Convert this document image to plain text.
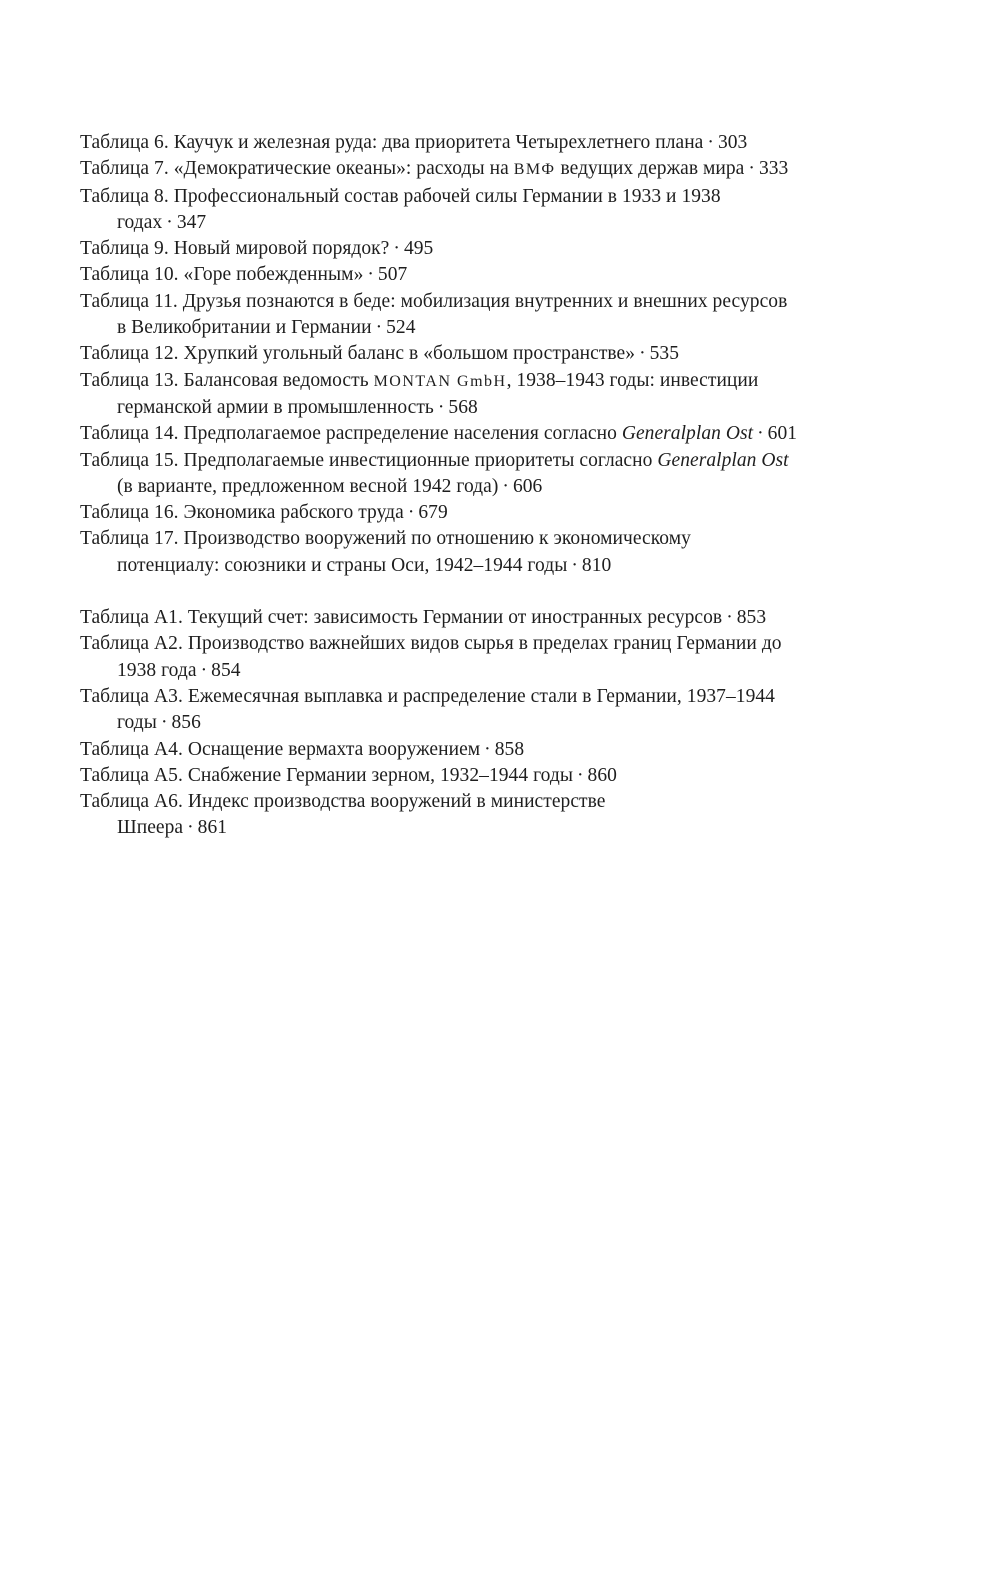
Таблица 6. Каучук и железная руда: два приоритета Четырехлетнего плана · 303
Таблица 7. «Демократические океаны»: расходы на ВМФ ведущих держав мира · 333
Таблица 8. Профессиональный состав рабочей силы Германии в 1933 и 1938 годах · 347
Таблица 9. Новый мировой порядок? · 495
Таблица 10. «Горе побежденным» · 507
Таблица 11. Друзья познаются в беде: мобилизация внутренних и внешних ресурсов в Великобритании и Германии · 524
Таблица 12. Хрупкий угольный баланс в «большом пространстве» · 535
Таблица 13. Балансовая ведомость MONTAN GmbH, 1938–1943 годы: инвестиции германской армии в промышленность · 568
Таблица 14. Предполагаемое распределение населения согласно Generalplan Ost · 601
Таблица 15. Предполагаемые инвестиционные приоритеты согласно Generalplan Ost (в варианте, предложенном весной 1942 года) · 606
Таблица 16. Экономика рабского труда · 679
Таблица 17. Производство вооружений по отношению к экономическому потенциалу: союзники и страны Оси, 1942–1944 годы · 810
Таблица А1. Текущий счет: зависимость Германии от иностранных ресурсов · 853
Таблица А2. Производство важнейших видов сырья в пределах границ Германии до 1938 года · 854
Таблица А3. Ежемесячная выплавка и распределение стали в Германии, 1937–1944 годы · 856
Таблица А4. Оснащение вермахта вооружением · 858
Таблица А5. Снабжение Германии зерном, 1932–1944 годы · 860
Таблица А6. Индекс производства вооружений в министерстве Шпеера · 861
